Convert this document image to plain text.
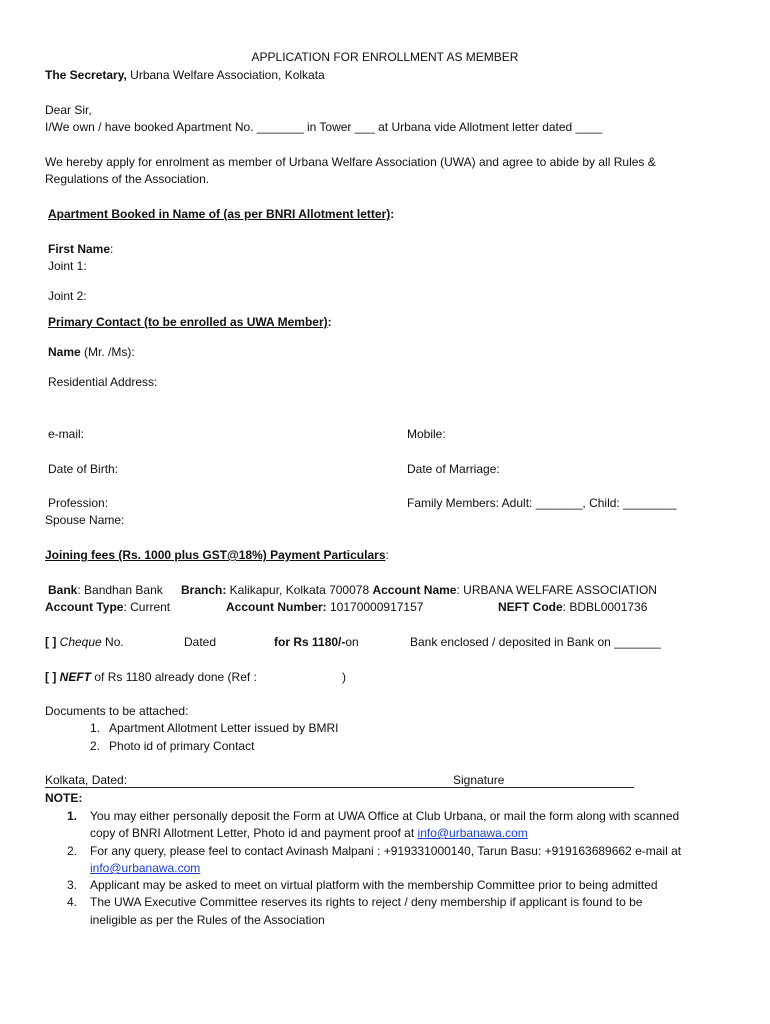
APPLICATION FOR ENROLLMENT AS MEMBER
The Secretary, Urbana Welfare Association, Kolkata
Dear Sir,
I/We own / have booked Apartment No. _______ in Tower ___ at Urbana vide Allotment letter dated ____
We hereby apply for enrolment as member of Urbana Welfare Association (UWA) and agree to abide by all Rules &
Regulations of the Association.
Apartment Booked in Name of (as per BNRI Allotment letter):
First Name:
Joint 1:
Joint 2:
Primary Contact (to be enrolled as UWA Member):
Name (Mr. /Ms):
Residential Address:
e-mail:	Mobile:
Date of Birth:	Date of Marriage:
Profession:	Family Members: Adult: _______, Child: ________
Spouse Name:
Joining fees (Rs. 1000 plus GST@18%) Payment Particulars:
Bank: Bandhan Bank Branch: Kalikapur, Kolkata 700078 Account Name: URBANA WELFARE ASSOCIATION
Account Type: Current	Account Number: 10170000917157	NEFT Code: BDBL0001736
[ ] Cheque No.	Dated	for Rs 1180/-on	Bank enclosed / deposited in Bank on _______
[ ] NEFT of Rs 1180 already done (Ref :	)
Documents to be attached:
1. Apartment Allotment Letter issued by BMRI
2. Photo id of primary Contact
Kolkata, Dated:	Signature
NOTE:
1. You may either personally deposit the Form at UWA Office at Club Urbana, or mail the form along with scanned
copy of BNRI Allotment Letter, Photo id and payment proof at info@urbanawa.com
2. For any query, please feel to contact Avinash Malpani : +919331000140, Tarun Basu: +919163689662 e-mail at
info@urbanawa.com
3. Applicant may be asked to meet on virtual platform with the membership Committee prior to being admitted
4. The UWA Executive Committee reserves its rights to reject / deny membership if applicant is found to be
ineligible as per the Rules of the Association
